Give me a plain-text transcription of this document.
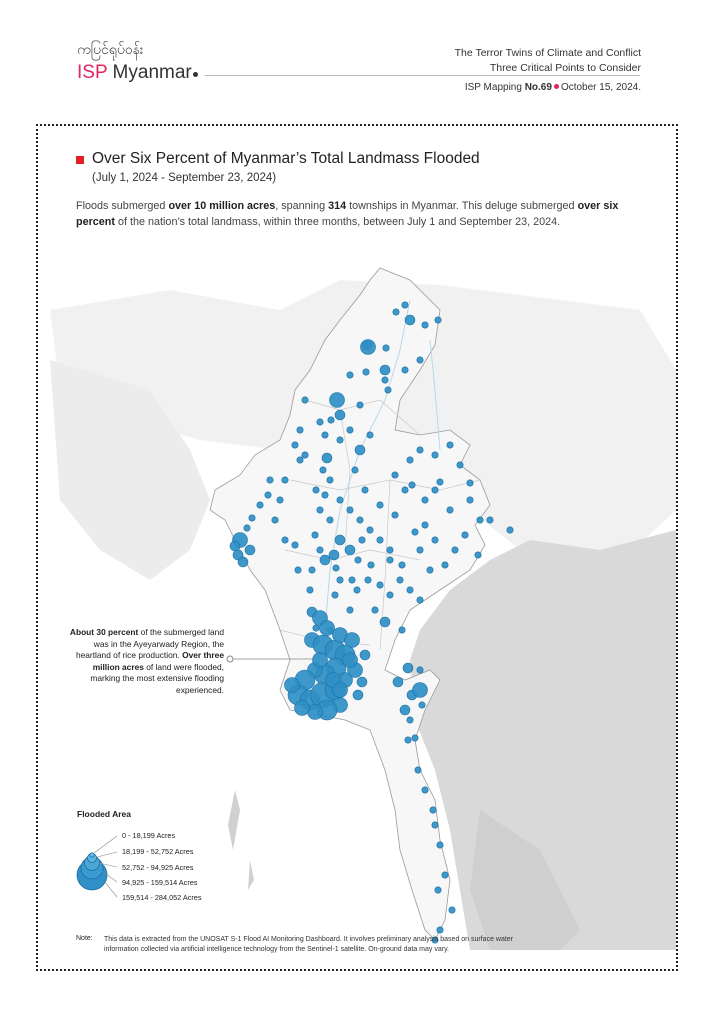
ကပြင်ရုပ်ဝန်း
ISP Myanmar
The Terror Twins of Climate and Conflict
Three Critical Points to Consider
ISP Mapping No.69 October 15, 2024.
Over Six Percent of Myanmar’s Total Landmass Flooded
(July 1, 2024 - September 23, 2024)
Floods submerged over 10 million acres, spanning 314 townships in Myanmar. This deluge submerged over six percent of the nation’s total landmass, within three months, between July 1 and September 23, 2024.
About 30 percent of the submerged land was in the Ayeyarwady Region, the heartland of rice production. Over three million acres of land were flooded, marking the most extensive flooding experienced.
Flooded Area
0 - 18,199 Acres
18,199 - 52,752 Acres
52,752 - 94,925 Acres
94,925 - 159,514 Acres
159,514 - 284,052 Acres
Note: This data is extracted from the UNOSAT S-1 Flood AI Monitoring Dashboard. It involves preliminary analysis based on surface water information collected via artificial intelligence technology from the Sentinel-1 satellite. On-ground data may vary.
